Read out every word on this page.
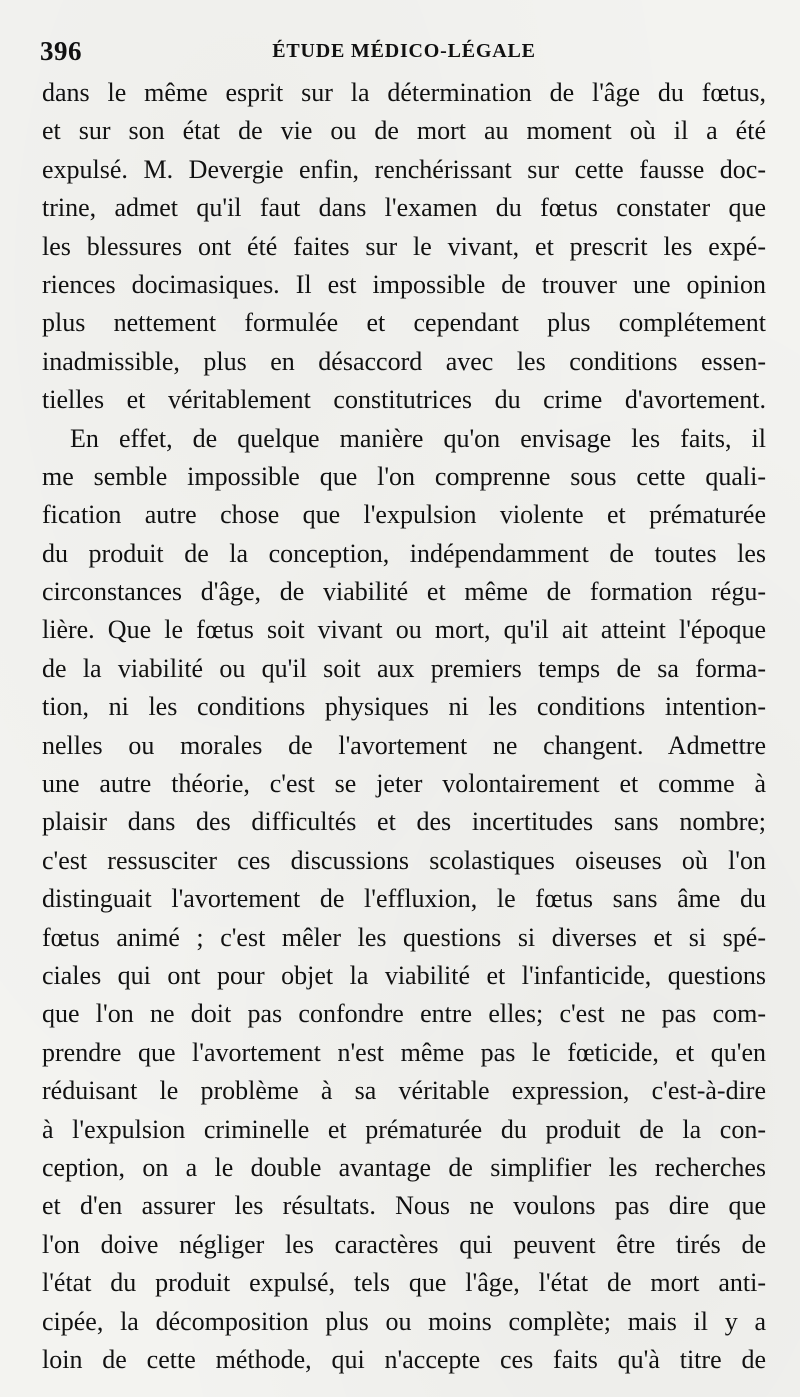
396	ÉTUDE MÉDICO-LÉGALE
dans le même esprit sur la détermination de l'âge du fœtus,
et sur son état de vie ou de mort au moment où il a été
expulsé. M. Devergie enfin, renchérissant sur cette fausse doc-
trine, admet qu'il faut dans l'examen du fœtus constater que
les blessures ont été faites sur le vivant, et prescrit les expé-
riences docimasiques. Il est impossible de trouver une opinion
plus nettement formulée et cependant plus complétement
inadmissible, plus en désaccord avec les conditions essen-
tielles et véritablement constitutrices du crime d'avortement.
En effet, de quelque manière qu'on envisage les faits, il
me semble impossible que l'on comprenne sous cette quali-
fication autre chose que l'expulsion violente et prématurée
du produit de la conception, indépendamment de toutes les
circonstances d'âge, de viabilité et même de formation régu-
lière. Que le fœtus soit vivant ou mort, qu'il ait atteint l'époque
de la viabilité ou qu'il soit aux premiers temps de sa forma-
tion, ni les conditions physiques ni les conditions intention-
nelles ou morales de l'avortement ne changent. Admettre
une autre théorie, c'est se jeter volontairement et comme à
plaisir dans des difficultés et des incertitudes sans nombre;
c'est ressusciter ces discussions scolastiques oiseuses où l'on
distinguait l'avortement de l'effluxion, le fœtus sans âme du
fœtus animé ; c'est mêler les questions si diverses et si spé-
ciales qui ont pour objet la viabilité et l'infanticide, questions
que l'on ne doit pas confondre entre elles; c'est ne pas com-
prendre que l'avortement n'est même pas le fœticide, et qu'en
réduisant le problème à sa véritable expression, c'est-à-dire
à l'expulsion criminelle et prématurée du produit de la con-
ception, on a le double avantage de simplifier les recherches
et d'en assurer les résultats. Nous ne voulons pas dire que
l'on doive négliger les caractères qui peuvent être tirés de
l'état du produit expulsé, tels que l'âge, l'état de mort anti-
cipée, la décomposition plus ou moins complète; mais il y a
loin de cette méthode, qui n'accepte ces faits qu'à titre de
